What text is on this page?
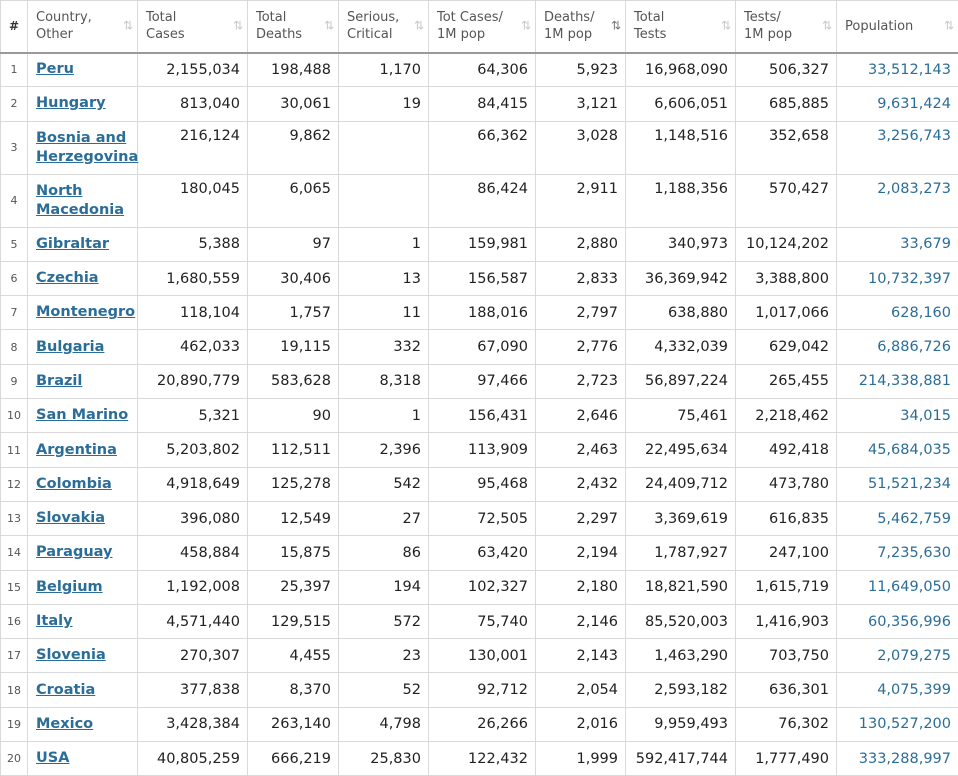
#	Country,
Other
⇅	Total
Cases
⇅	Total
Deaths
⇅	Serious,
Critical
⇅	Tot Cases/
1M pop
⇅	Deaths/
1M pop
⇅	Total
Tests
⇅	Tests/
1M pop
⇅	Population ⇅

1	Peru	2,155,034	198,488	1,170	64,306	5,923	16,968,090	506,327	33,512,143
2	Hungary	813,040	30,061	19	84,415	3,121	6,606,051	685,885	9,631,424
3	Bosnia and Herzegovina	216,124	9,862		66,362	3,028	1,148,516	352,658	3,256,743
4	North Macedonia	180,045	6,065		86,424	2,911	1,188,356	570,427	2,083,273
5	Gibraltar	5,388	97	1	159,981	2,880	340,973	10,124,202	33,679
6	Czechia	1,680,559	30,406	13	156,587	2,833	36,369,942	3,388,800	10,732,397
7	Montenegro	118,104	1,757	11	188,016	2,797	638,880	1,017,066	628,160
8	Bulgaria	462,033	19,115	332	67,090	2,776	4,332,039	629,042	6,886,726
9	Brazil	20,890,779	583,628	8,318	97,466	2,723	56,897,224	265,455	214,338,881
10	San Marino	5,321	90	1	156,431	2,646	75,461	2,218,462	34,015
11	Argentina	5,203,802	112,511	2,396	113,909	2,463	22,495,634	492,418	45,684,035
12	Colombia	4,918,649	125,278	542	95,468	2,432	24,409,712	473,780	51,521,234
13	Slovakia	396,080	12,549	27	72,505	2,297	3,369,619	616,835	5,462,759
14	Paraguay	458,884	15,875	86	63,420	2,194	1,787,927	247,100	7,235,630
15	Belgium	1,192,008	25,397	194	102,327	2,180	18,821,590	1,615,719	11,649,050
16	Italy	4,571,440	129,515	572	75,740	2,146	85,520,003	1,416,903	60,356,996
17	Slovenia	270,307	4,455	23	130,001	2,143	1,463,290	703,750	2,079,275
18	Croatia	377,838	8,370	52	92,712	2,054	2,593,182	636,301	4,075,399
19	Mexico	3,428,384	263,140	4,798	26,266	2,016	9,959,493	76,302	130,527,200
20	USA	40,805,259	666,219	25,830	122,432	1,999	592,417,744	1,777,490	333,288,997
